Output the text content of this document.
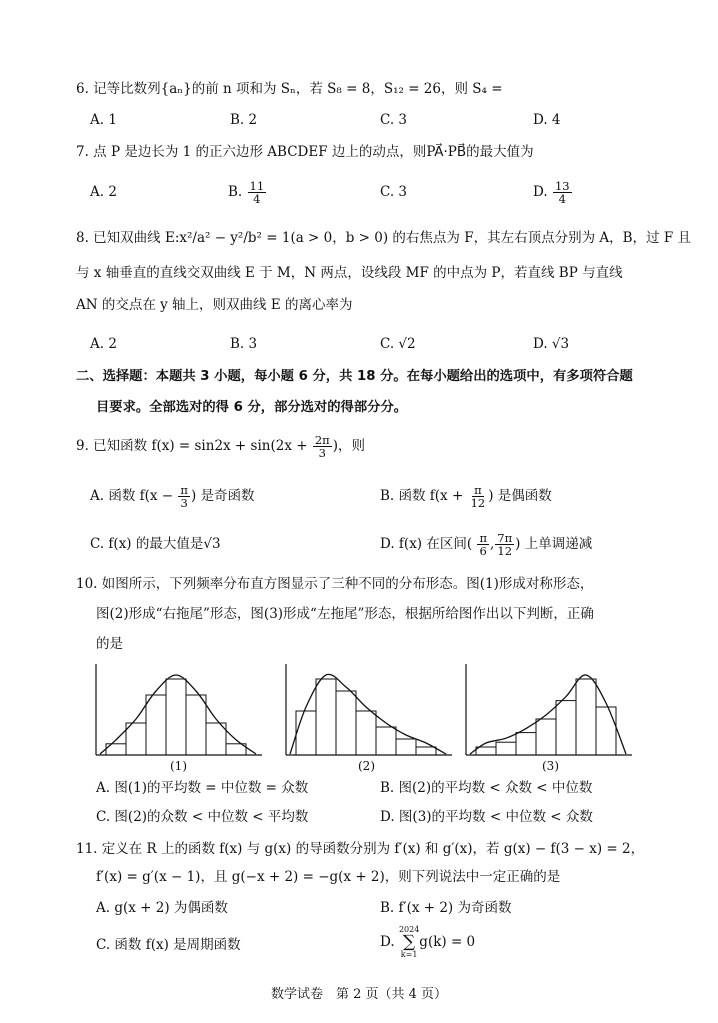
6. 记等比数列{aₙ}的前 n 项和为 Sₙ，若 S₈ = 8，S₁₂ = 26，则 S₄ =
A. 1	B. 2	C. 3	D. 4
7. 点 P 是边长为 1 的正六边形 ABCDEF 边上的动点，则PA⃗·PB⃗的最大值为
A. 2	B. $\frac{11}{4}$	C. 3	D. $\frac{13}{4}$
8. 已知双曲线 E:x²/a² − y²/b² = 1(a > 0，b > 0) 的右焦点为 F，其左右顶点分别为 A，B，过 F 且
与 x 轴垂直的直线交双曲线 E 于 M，N 两点，设线段 MF 的中点为 P，若直线 BP 与直线
AN 的交点在 y 轴上，则双曲线 E 的离心率为
A. 2	B. 3	C. √2	D. √3
二、选择题：本题共 3 小题，每小题 6 分，共 18 分。在每小题给出的选项中，有多项符合题
目要求。全部选对的得 6 分，部分选对的得部分分。
9. 已知函数 $f(x) = \sin 2x + \sin(2x + \frac{2\pi}{3}$ )，则
A. 函数 $f(x - \frac{\pi}{3}$ ) 是奇函数	B. 函数 $f(x + \frac{\pi}{12}$ ) 是偶函数
C. f(x) 的最大值是√3	D. f(x) 在区间( $\frac{\pi}{6}$ , $\frac{7\pi}{12}$ ) 上单调递减
10. 如图所示，下列频率分布直方图显示了三种不同的分布形态。图(1)形成对称形态，
图(2)形成“右拖尾”形态，图(3)形成“左拖尾”形态，根据所给图作出以下判断，正确
的是
(1)	(2)	(3)
A. 图(1)的平均数 = 中位数 = 众数	B. 图(2)的平均数 < 众数 < 中位数
C. 图(2)的众数 < 中位数 < 平均数	D. 图(3)的平均数 < 中位数 < 众数
11. 定义在 R 上的函数 f(x) 与 g(x) 的导函数分别为 f′(x) 和 g′(x)，若 g(x) − f(3 − x) = 2，
f′(x) = g′(x − 1)，且 g(−x + 2) = −g(x + 2)，则下列说法中一定正确的是
A. g(x + 2) 为偶函数	B. f′(x + 2) 为奇函数
C. 函数 f(x) 是周期函数	D.
2024
∑
k=1
g(k) = 0
数学试卷　第 2 页（共 4 页）
